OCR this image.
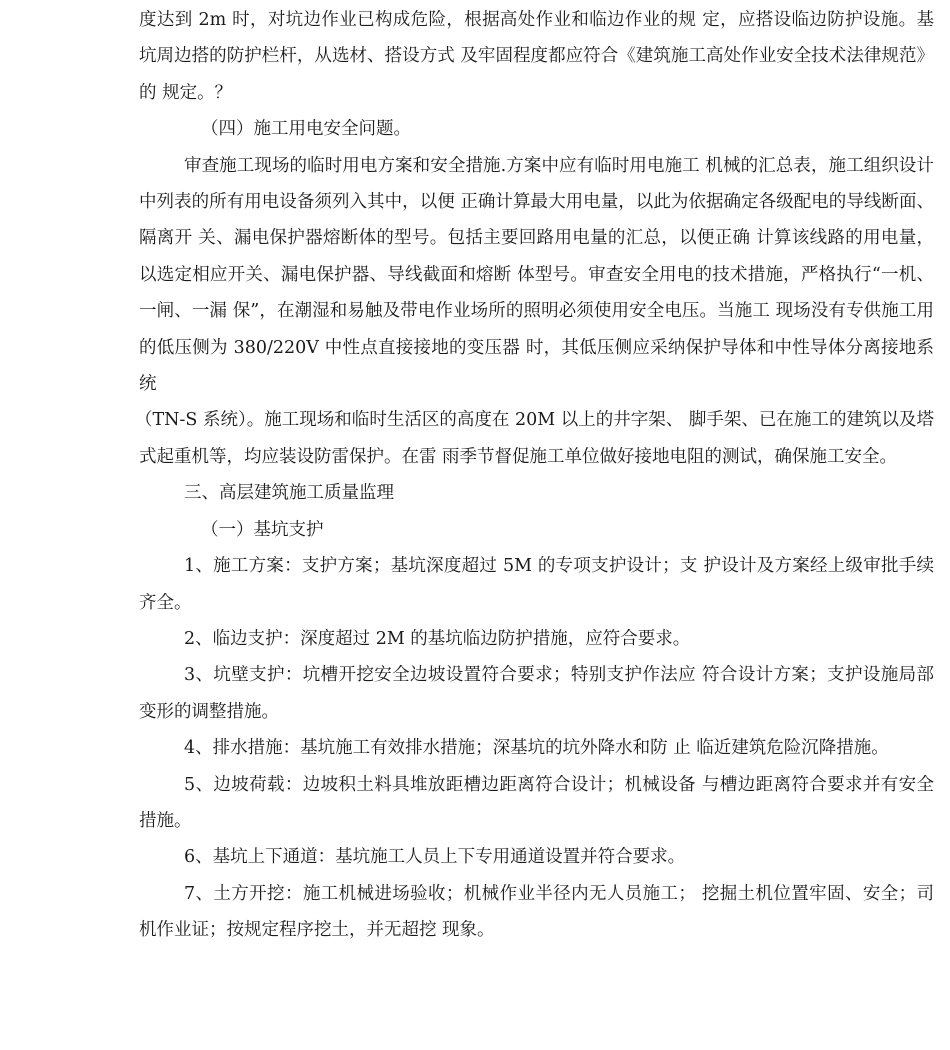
度达到 2m 时，对坑边作业已构成危险，根据高处作业和临边作业的规 定，应搭设临边防护设施。基坑周边搭的防护栏杆，从选材、搭设方式 及牢固程度都应符合《建筑施工高处作业安全技术法律规范》的 规定。？

（四）施工用电安全问题。

审查施工现场的临时用电方案和安全措施.方案中应有临时用电施工 机械的汇总表，施工组织设计中列表的所有用电设备须列入其中，以便 正确计算最大用电量，以此为依据确定各级配电的导线断面、隔离开 关、漏电保护器熔断体的型号。包括主要回路用电量的汇总，以便正确 计算该线路的用电量，以选定相应开关、漏电保护器、导线截面和熔断 体型号。审查安全用电的技术措施，严格执行“一机、一闸、一漏 保”，在潮湿和易触及带电作业场所的照明必须使用安全电压。当施工 现场没有专供施工用的低压侧为 380/220V 中性点直接接地的变压器 时，其低压侧应采纳保护导体和中性导体分离接地系统

（TN-S 系统）。施工现场和临时生活区的高度在 20M 以上的井字架、 脚手架、已在施工的建筑以及塔式起重机等，均应装设防雷保护。在雷 雨季节督促施工单位做好接地电阻的测试，确保施工安全。

三、高层建筑施工质量监理

（一）基坑支护

1、施工方案：支护方案；基坑深度超过 5M 的专项支护设计；支 护设计及方案经上级审批手续齐全。

2、临边支护：深度超过 2M 的基坑临边防护措施，应符合要求。

3、坑壁支护：坑槽开挖安全边坡设置符合要求；特别支护作法应 符合设计方案；支护设施局部变形的调整措施。

4、排水措施：基坑施工有效排水措施；深基坑的坑外降水和防 止 临近建筑危险沉降措施。

5、边坡荷载：边坡积土料具堆放距槽边距离符合设计；机械设备 与槽边距离符合要求并有安全措施。

6、基坑上下通道：基坑施工人员上下专用通道设置并符合要求。

7、土方开挖：施工机械进场验收；机械作业半径内无人员施工； 挖掘土机位置牢固、安全；司机作业证；按规定程序挖土，并无超挖 现象。
